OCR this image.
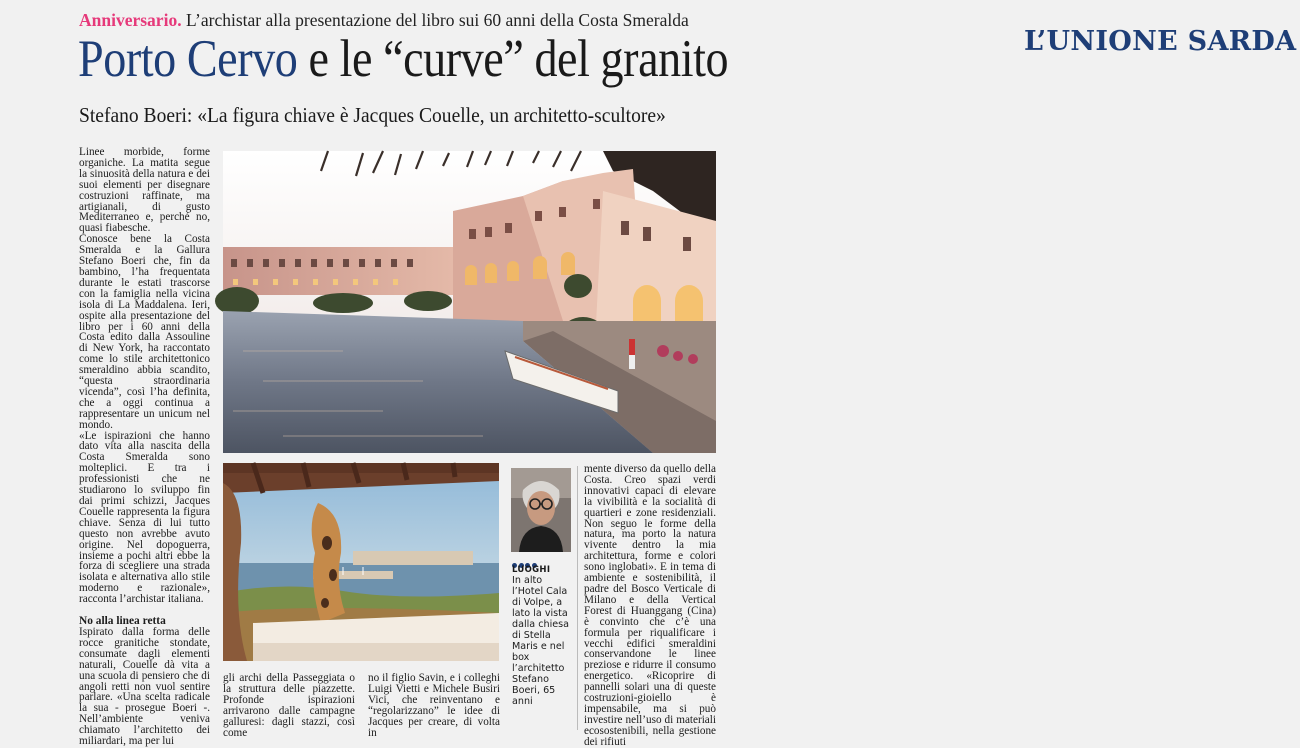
L’UNIONE SARDA
Anniversario. L’archistar alla presentazione del libro sui 60 anni della Costa Smeralda
Porto Cervo e le “curve” del granito
Stefano Boeri: «La figura chiave è Jacques Couelle, un architetto-scultore»

Linee morbide, forme organiche. La matita segue la sinuosità della natura e dei suoi elementi per disegnare costruzioni raffinate, ma artigianali, di gusto Mediterraneo e, perché no, quasi fiabesche.

Conosce bene la Costa Smeralda e la Gallura Stefano Boeri che, fin da bambino, l’ha frequentata durante le estati trascorse con la famiglia nella vicina isola di La Maddalena. Ieri, ospite alla presentazione del libro per i 60 anni della Costa edito dalla Assouline di New York, ha raccontato come lo stile architettonico smeraldino abbia scandito, “questa straordinaria vicenda”, così l’ha definita, che a oggi continua a rappresentare un unicum nel mondo.

«Le ispirazioni che hanno dato vita alla nascita della Costa Smeralda sono molteplici. E tra i professionisti che ne studiarono lo sviluppo fin dai primi schizzi, Jacques Couelle rappresenta la figura chiave. Senza di lui tutto questo non avrebbe avuto origine. Nel dopoguerra, insieme a pochi altri ebbe la forza di scegliere una strada isolata e alternativa allo stile moderno e razionale», racconta l’archistar italiana.

No alla linea retta

Ispirato dalla forma delle rocce granitiche stondate, consumate dagli elementi naturali, Couelle dà vita a una scuola di pensiero che di angoli retti non vuol sentire parlare. «Una scelta radicale la sua - prosegue Boeri -. Nell’ambiente veniva chiamato l’architetto dei miliardari, ma per lui

LUOGHI
In alto l’Hotel Cala di Volpe, a lato la vista dalla chiesa di Stella Maris e nel box l’architetto Stefano Boeri, 65 anni

gli archi della Passeggiata o la struttura delle piazzette. Profonde ispirazioni arrivarono dalle campagne galluresi: dagli stazzi, così come

no il figlio Savin, e i colleghi Luigi Vietti e Michele Busiri Vici, che reinventano e “regolarizzano” le idee di Jacques per creare, di volta in

mente diverso da quello della Costa. Creo spazi verdi innovativi capaci di elevare la vivibilità e la socialità di quartieri e zone residenziali. Non seguo le forme della natura, ma porto la natura vivente dentro la mia architettura, forme e colori sono inglobati». E in tema di ambiente e sostenibilità, il padre del Bosco Verticale di Milano e della Vertical Forest di Huanggang (Cina) è convinto che c’è una formula per riqualificare i vecchi edifici smeraldini conservandone le linee preziose e ridurre il consumo energetico. «Ricoprire di pannelli solari una di queste costruzioni-gioiello è impensabile, ma si può investire nell’uso di materiali ecosostenibili, nella gestione dei rifiuti
